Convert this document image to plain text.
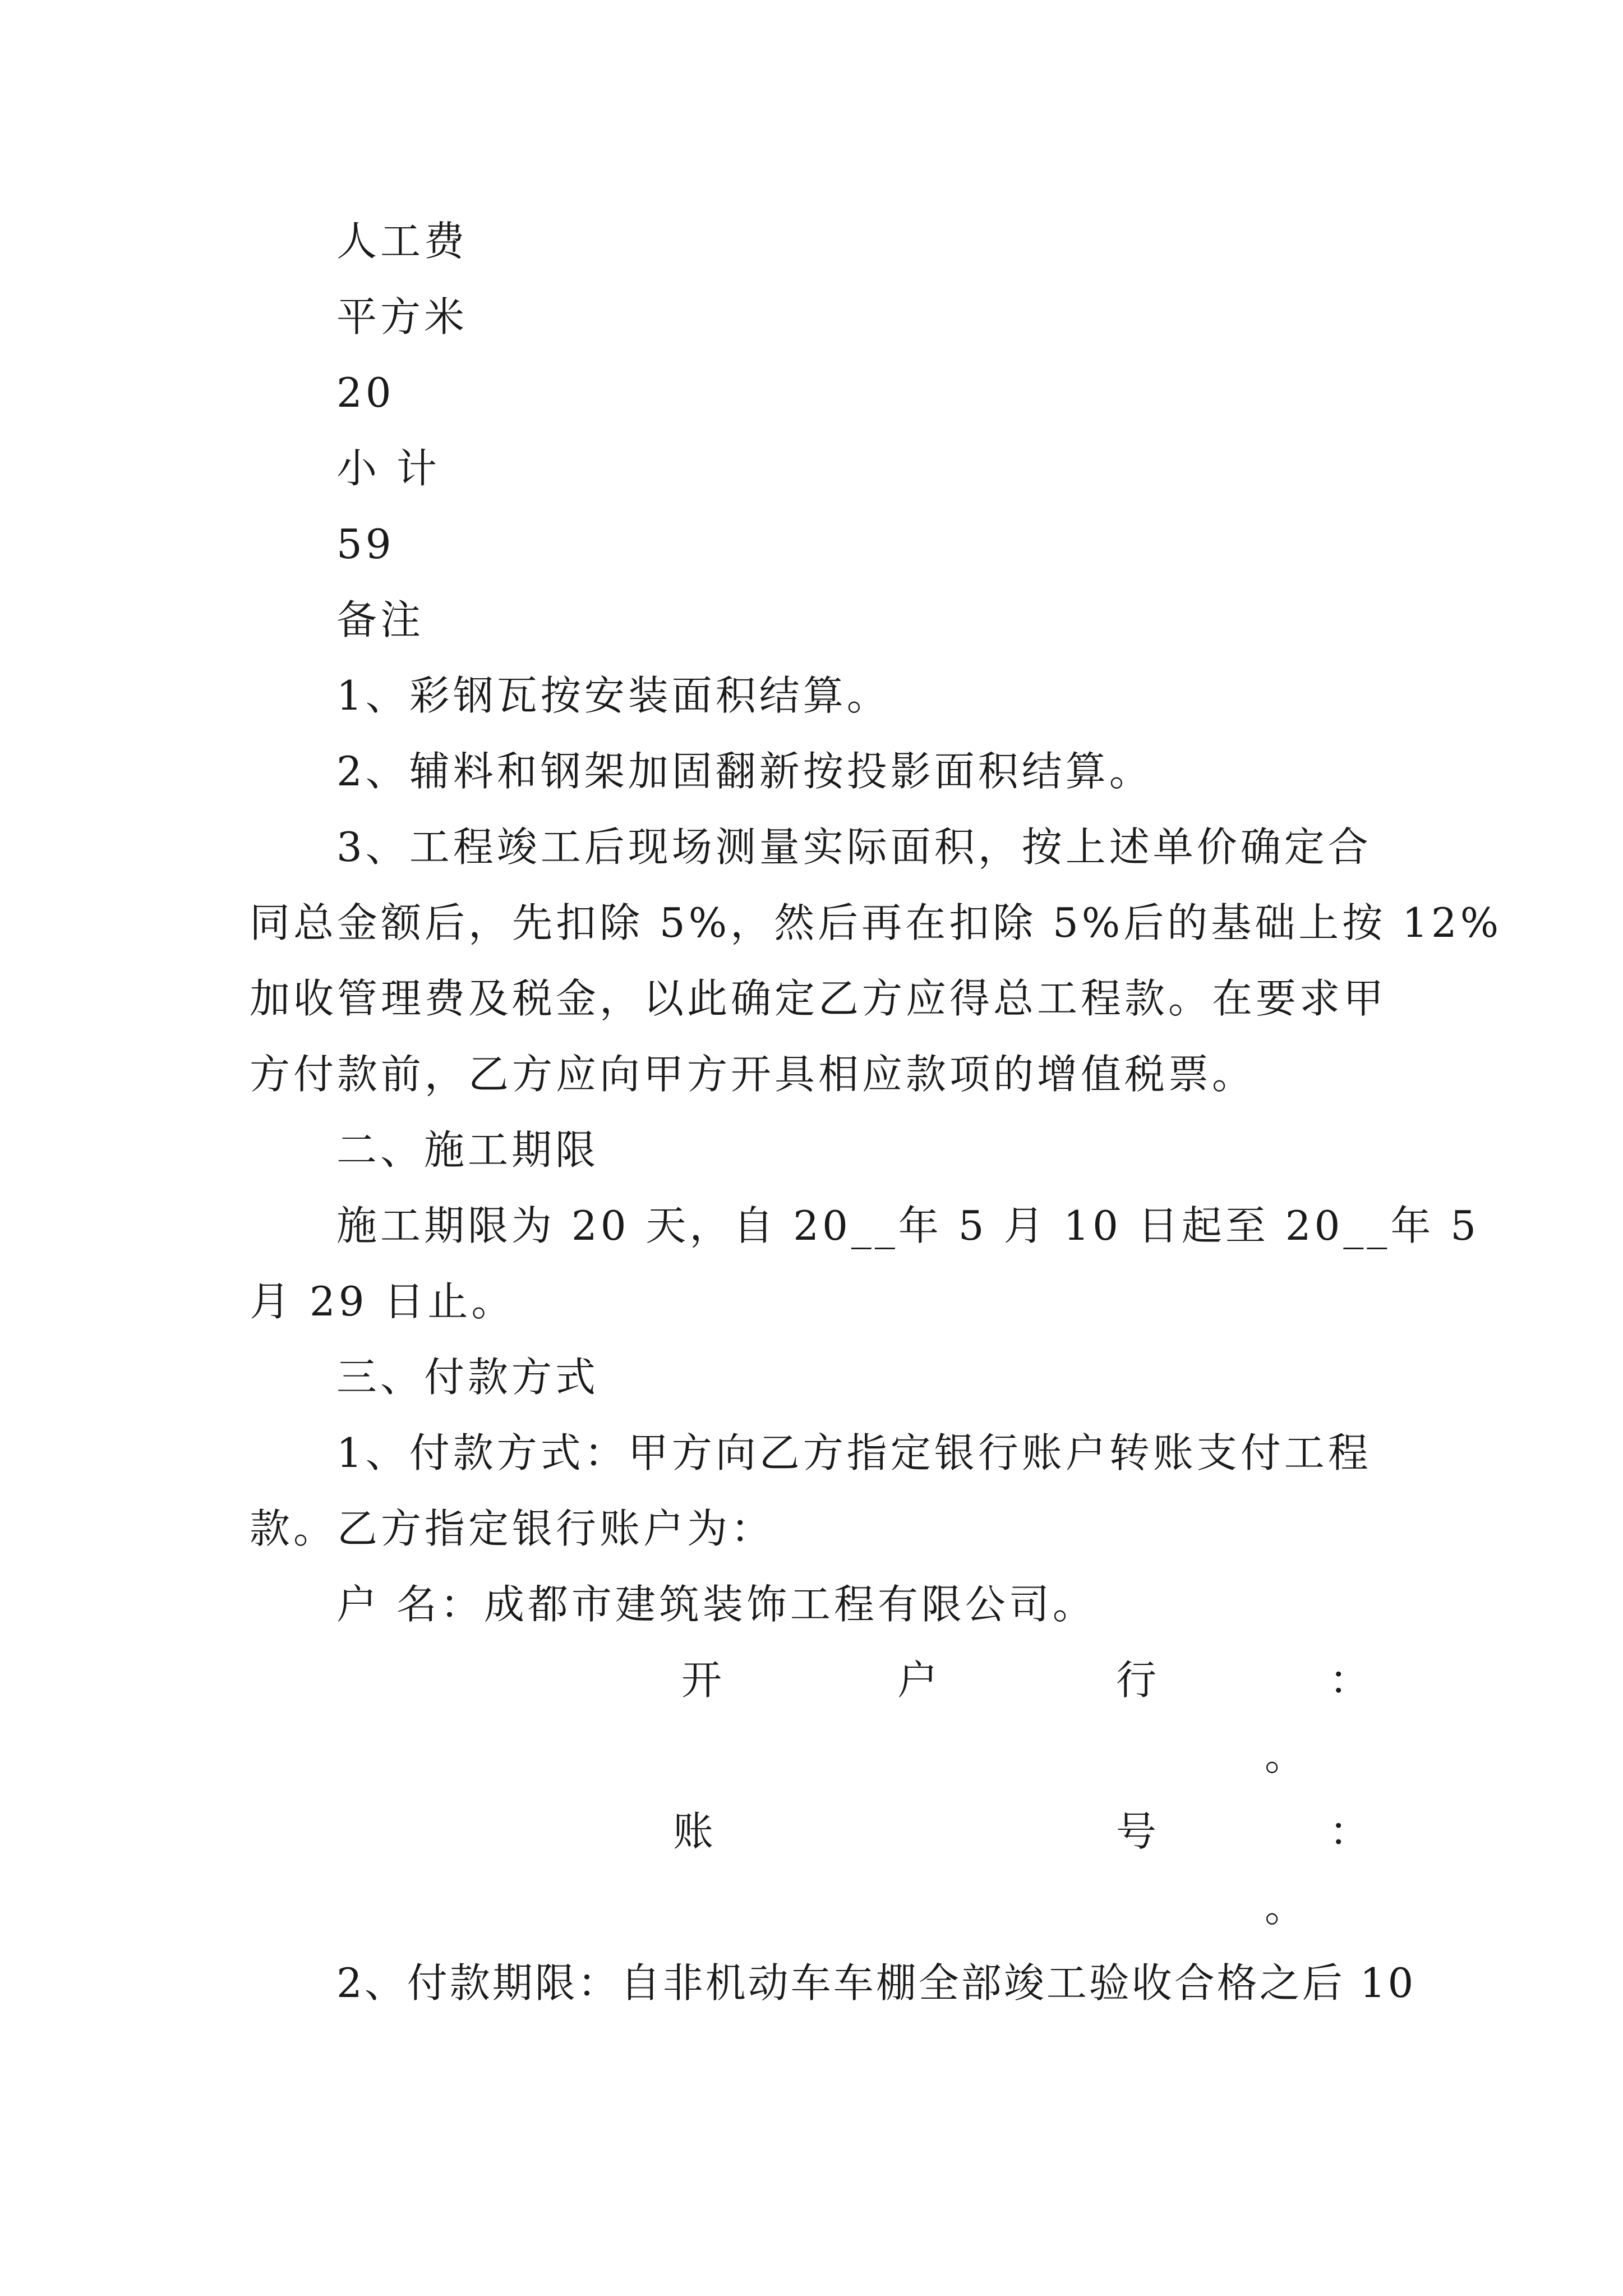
人工费
平方米
20
小 计
59
备注
1、彩钢瓦按安装面积结算。
2、辅料和钢架加固翻新按投影面积结算。
3、工程竣工后现场测量实际面积，按上述单价确定合
同总金额后，先扣除 5%，然后再在扣除 5%后的基础上按 12%
加收管理费及税金，以此确定乙方应得总工程款。在要求甲
方付款前，乙方应向甲方开具相应款项的增值税票。
二、施工期限
施工期限为 20 天，自 20__年 5 月 10 日起至 20__年 5
月 29 日止。
三、付款方式
1、付款方式：甲方向乙方指定银行账户转账支付工程
款。乙方指定银行账户为：
户 名：成都市建筑装饰工程有限公司。
开	户	行	：
。
账	号	：
。
2、付款期限：自非机动车车棚全部竣工验收合格之后 10
